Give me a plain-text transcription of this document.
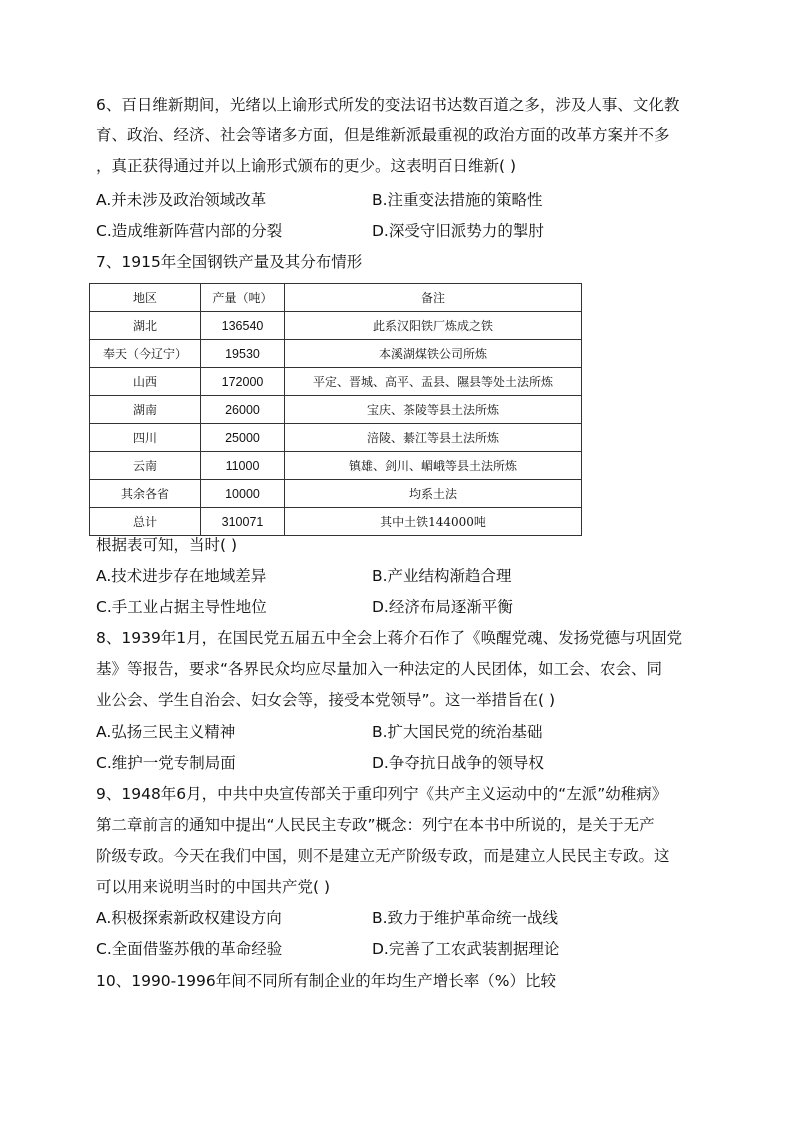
6、百日维新期间，光绪以上谕形式所发的变法诏书达数百道之多，涉及人事、文化教
育、政治、经济、社会等诸多方面，但是维新派最重视的政治方面的改革方案并不多
，真正获得通过并以上谕形式颁布的更少。这表明百日维新( )
A.并未涉及政治领域改革	B.注重变法措施的策略性
C.造成维新阵营内部的分裂	D.深受守旧派势力的掣肘
7、1915年全国钢铁产量及其分布情形
地区	产量（吨）	备注
湖北	136540	此系汉阳铁厂炼成之铁
奉天（今辽宁）	19530	本溪湖煤铁公司所炼
山西	172000	平定、晋城、高平、盂县、隰县等处土法所炼
湖南	26000	宝庆、茶陵等县土法所炼
四川	25000	涪陵、綦江等县土法所炼
云南	11000	镇雄、剑川、嵋峨等县土法所炼
其余各省	10000	均系土法
总计	310071	其中土铁144000吨
根据表可知，当时( )
A.技术进步存在地域差异	B.产业结构渐趋合理
C.手工业占据主导性地位	D.经济布局逐渐平衡
8、1939年1月，在国民党五届五中全会上蒋介石作了《唤醒党魂、发扬党德与巩固党
基》等报告，要求“各界民众均应尽量加入一种法定的人民团体，如工会、农会、同
业公会、学生自治会、妇女会等，接受本党领导”。这一举措旨在( )
A.弘扬三民主义精神	B.扩大国民党的统治基础
C.维护一党专制局面	D.争夺抗日战争的领导权
9、1948年6月，中共中央宣传部关于重印列宁《共产主义运动中的“左派”幼稚病》
第二章前言的通知中提出“人民民主专政”概念：列宁在本书中所说的，是关于无产
阶级专政。今天在我们中国，则不是建立无产阶级专政，而是建立人民民主专政。这
可以用来说明当时的中国共产党( )
A.积极探索新政权建设方向	B.致力于维护革命统一战线
C.全面借鉴苏俄的革命经验	D.完善了工农武装割据理论
10、1990-1996年间不同所有制企业的年均生产增长率（%）比较
